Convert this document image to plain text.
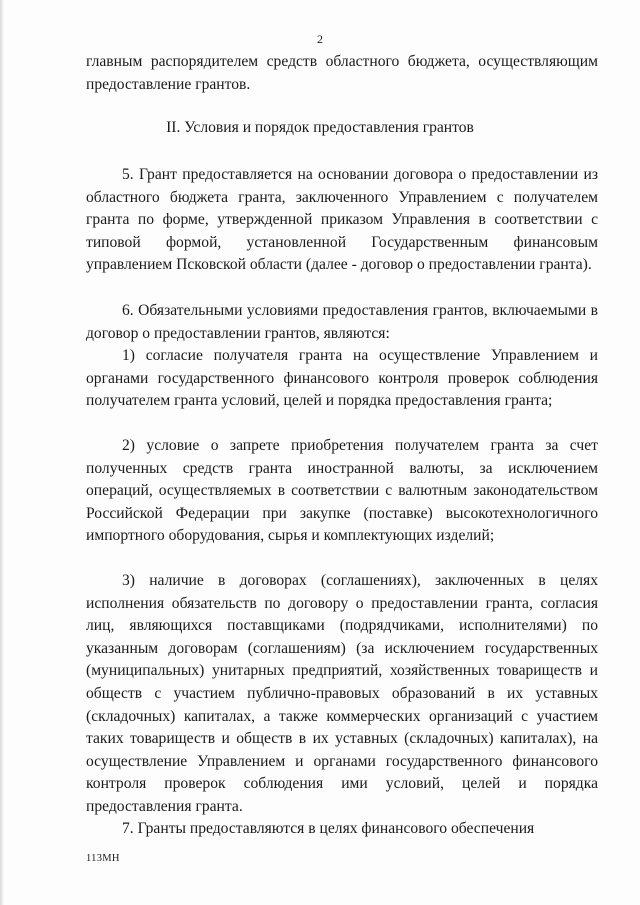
2

главным распорядителем средств областного бюджета, осуществляющим предоставление грантов.

II. Условия и порядок предоставления грантов

5. Грант предоставляется на основании договора о предоставлении из областного бюджета гранта, заключенного Управлением с получателем гранта по форме, утвержденной приказом Управления в соответствии с типовой формой, установленной Государственным финансовым управлением Псковской области (далее - договор о предоставлении гранта).

6. Обязательными условиями предоставления грантов, включаемыми в договор о предоставлении грантов, являются:

1) согласие получателя гранта на осуществление Управлением и органами государственного финансового контроля проверок соблюдения получателем гранта условий, целей и порядка предоставления гранта;

2) условие о запрете приобретения получателем гранта за счет полученных средств гранта иностранной валюты, за исключением операций, осуществляемых в соответствии с валютным законодательством Российской Федерации при закупке (поставке) высокотехнологичного импортного оборудования, сырья и комплектующих изделий;

3) наличие в договорах (соглашениях), заключенных в целях исполнения обязательств по договору о предоставлении гранта, согласия лиц, являющихся поставщиками (подрядчиками, исполнителями) по указанным договорам (соглашениям) (за исключением государственных (муниципальных) унитарных предприятий, хозяйственных товариществ и обществ с участием публично-правовых образований в их уставных (складочных) капиталах, а также коммерческих организаций с участием таких товариществ и обществ в их уставных (складочных) капиталах), на осуществление Управлением и органами государственного финансового контроля проверок соблюдения ими условий, целей и порядка предоставления гранта.

7. Гранты предоставляются в целях финансового обеспечения

113МН
